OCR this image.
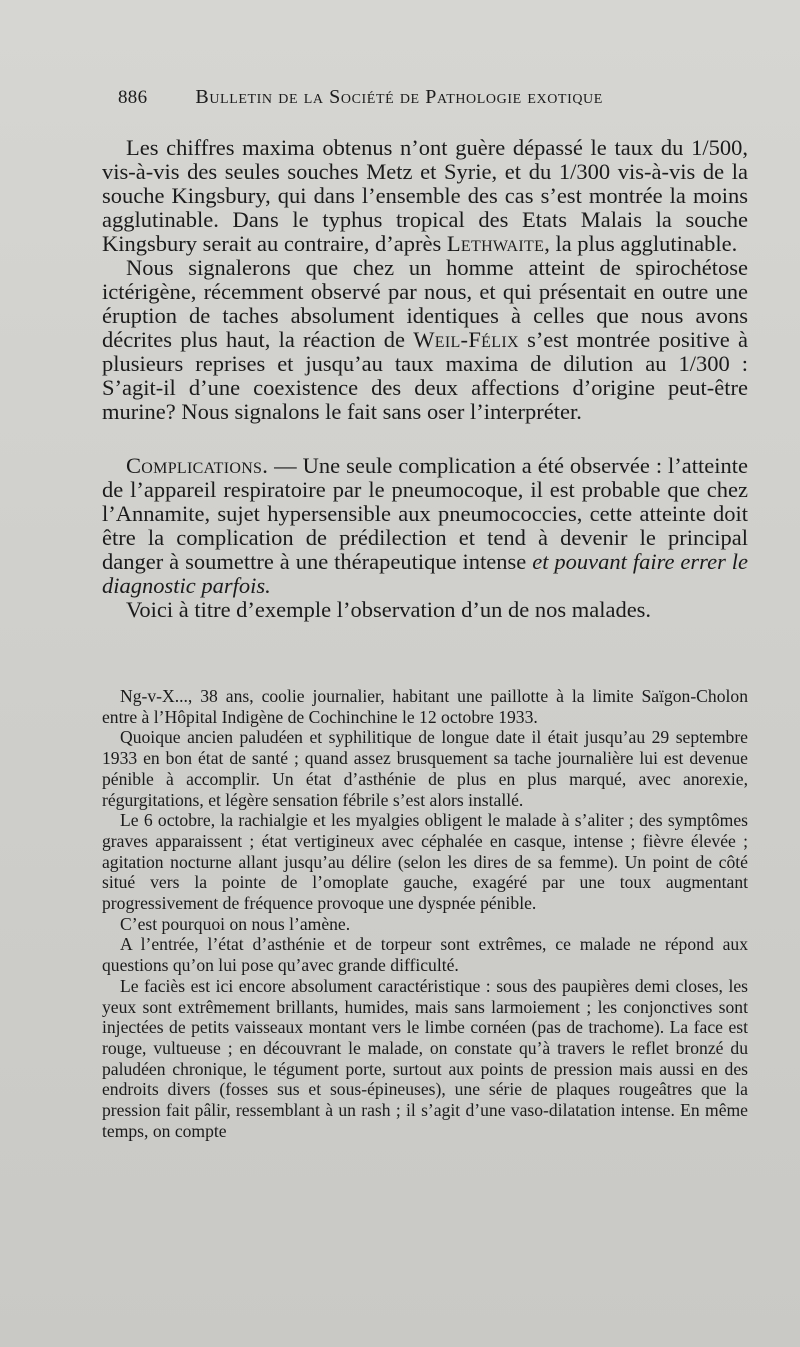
886 Bulletin de la Société de Pathologie exotique

Les chiffres maxima obtenus n’ont guère dépassé le taux du 1/500, vis-à-vis des seules souches Metz et Syrie, et du 1/300 vis-à-vis de la souche Kingsbury, qui dans l’ensemble des cas s’est montrée la moins agglutinable. Dans le typhus tropical des Etats Malais la souche Kingsbury serait au contraire, d’après Lethwaite, la plus agglutinable.

Nous signalerons que chez un homme atteint de spirochétose ictérigène, récemment observé par nous, et qui présentait en outre une éruption de taches absolument identiques à celles que nous avons décrites plus haut, la réaction de Weil-Félix s’est montrée positive à plusieurs reprises et jusqu’au taux maxima de dilution au 1/300 : S’agit-il d’une coexistence des deux affections d’origine peut-être murine? Nous signalons le fait sans oser l’interpréter.

Complications. — Une seule complication a été observée : l’atteinte de l’appareil respiratoire par le pneumocoque, il est probable que chez l’Annamite, sujet hypersensible aux pneumococcies, cette atteinte doit être la complication de prédilection et tend à devenir le principal danger à soumettre à une thérapeutique intense et pouvant faire errer le diagnostic parfois.

Voici à titre d’exemple l’observation d’un de nos malades.

Ng-v-X..., 38 ans, coolie journalier, habitant une paillotte à la limite Saïgon-Cholon entre à l’Hôpital Indigène de Cochinchine le 12 octobre 1933.

Quoique ancien paludéen et syphilitique de longue date il était jusqu’au 29 septembre 1933 en bon état de santé ; quand assez brusquement sa tache journalière lui est devenue pénible à accomplir. Un état d’asthénie de plus en plus marqué, avec anorexie, régurgitations, et légère sensation fébrile s’est alors installé.

Le 6 octobre, la rachialgie et les myalgies obligent le malade à s’aliter ; des symptômes graves apparaissent ; état vertigineux avec céphalée en casque, intense ; fièvre élevée ; agitation nocturne allant jusqu’au délire (selon les dires de sa femme). Un point de côté situé vers la pointe de l’omoplate gauche, exagéré par une toux augmentant progressivement de fréquence provoque une dyspnée pénible.

C’est pourquoi on nous l’amène.

A l’entrée, l’état d’asthénie et de torpeur sont extrêmes, ce malade ne répond aux questions qu’on lui pose qu’avec grande difficulté.

Le faciès est ici encore absolument caractéristique : sous des paupières demi closes, les yeux sont extrêmement brillants, humides, mais sans larmoiement ; les conjonctives sont injectées de petits vaisseaux montant vers le limbe cornéen (pas de trachome). La face est rouge, vultueuse ; en découvrant le malade, on constate qu’à travers le reflet bronzé du paludéen chronique, le tégument porte, surtout aux points de pression mais aussi en des endroits divers (fosses sus et sous-épineuses), une série de plaques rougeâtres que la pression fait pâlir, ressemblant à un rash ; il s’agit d’une vaso-dilatation intense. En même temps, on compte
